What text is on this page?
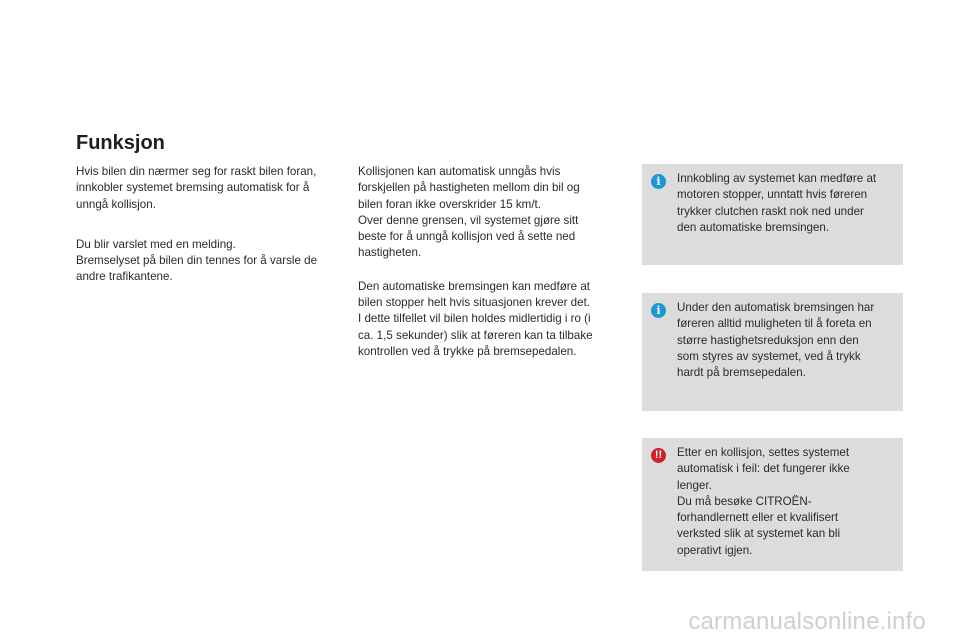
Funksjon

Hvis bilen din nærmer seg for raskt bilen foran,
innkobler systemet bremsing automatisk for å
unngå kollisjon.

Du blir varslet med en melding.
Bremselyset på bilen din tennes for å varsle de
andre trafikantene.

Kollisjonen kan automatisk unngås hvis
forskjellen på hastigheten mellom din bil og
bilen foran ikke overskrider 15 km/t.
Over denne grensen, vil systemet gjøre sitt
beste for å unngå kollisjon ved å sette ned
hastigheten.

Den automatiske bremsingen kan medføre at
bilen stopper helt hvis situasjonen krever det.
I dette tilfellet vil bilen holdes midlertidig i ro (i
ca. 1,5 sekunder) slik at føreren kan ta tilbake
kontrollen ved å trykke på bremsepedalen.

i	Innkobling av systemet kan medføre at
motoren stopper, unntatt hvis føreren
trykker clutchen raskt nok ned under
den automatiske bremsingen.
i	Under den automatisk bremsingen har
føreren alltid muligheten til å foreta en
større hastighetsreduksjon enn den
som styres av systemet, ved å trykk
hardt på bremsepedalen.
!!	Etter en kollisjon, settes systemet
automatisk i feil: det fungerer ikke
lenger.
Du må besøke CITROËN-
forhandlernett eller et kvalifisert
verksted slik at systemet kan bli
operativt igjen.
carmanualsonline.info
